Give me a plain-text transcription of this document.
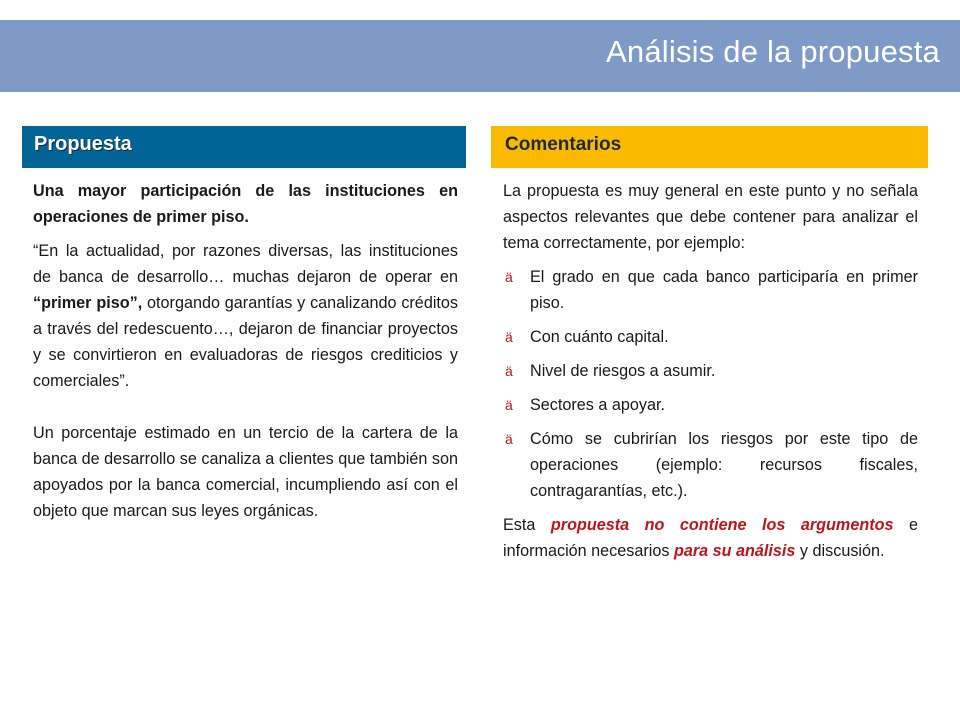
Análisis de la propuesta
Propuesta	Comentarios

Una mayor participación de las instituciones en operaciones de primer piso.

“En la actualidad, por razones diversas, las instituciones de banca de desarrollo… muchas dejaron de operar en “primer piso”, otorgando garantías y canalizando créditos a través del redescuento…, dejaron de financiar proyectos y se convirtieron en evaluadoras de riesgos crediticios y comerciales”.

Un porcentaje estimado en un tercio de la cartera de la banca de desarrollo se canaliza a clientes que también son apoyados por la banca comercial, incumpliendo así con el objeto que marcan sus leyes orgánicas.

La propuesta es muy general en este punto y no señala aspectos relevantes que debe contener para analizar el tema correctamente, por ejemplo:

ä El grado en que cada banco participaría en primer piso.
ä Con cuánto capital.
ä Nivel de riesgos a asumir.
ä Sectores a apoyar.
ä Cómo se cubrirían los riesgos por este tipo de operaciones (ejemplo: recursos fiscales, contragarantías, etc.).

Esta propuesta no contiene los argumentos e información necesarios para su análisis y discusión.
